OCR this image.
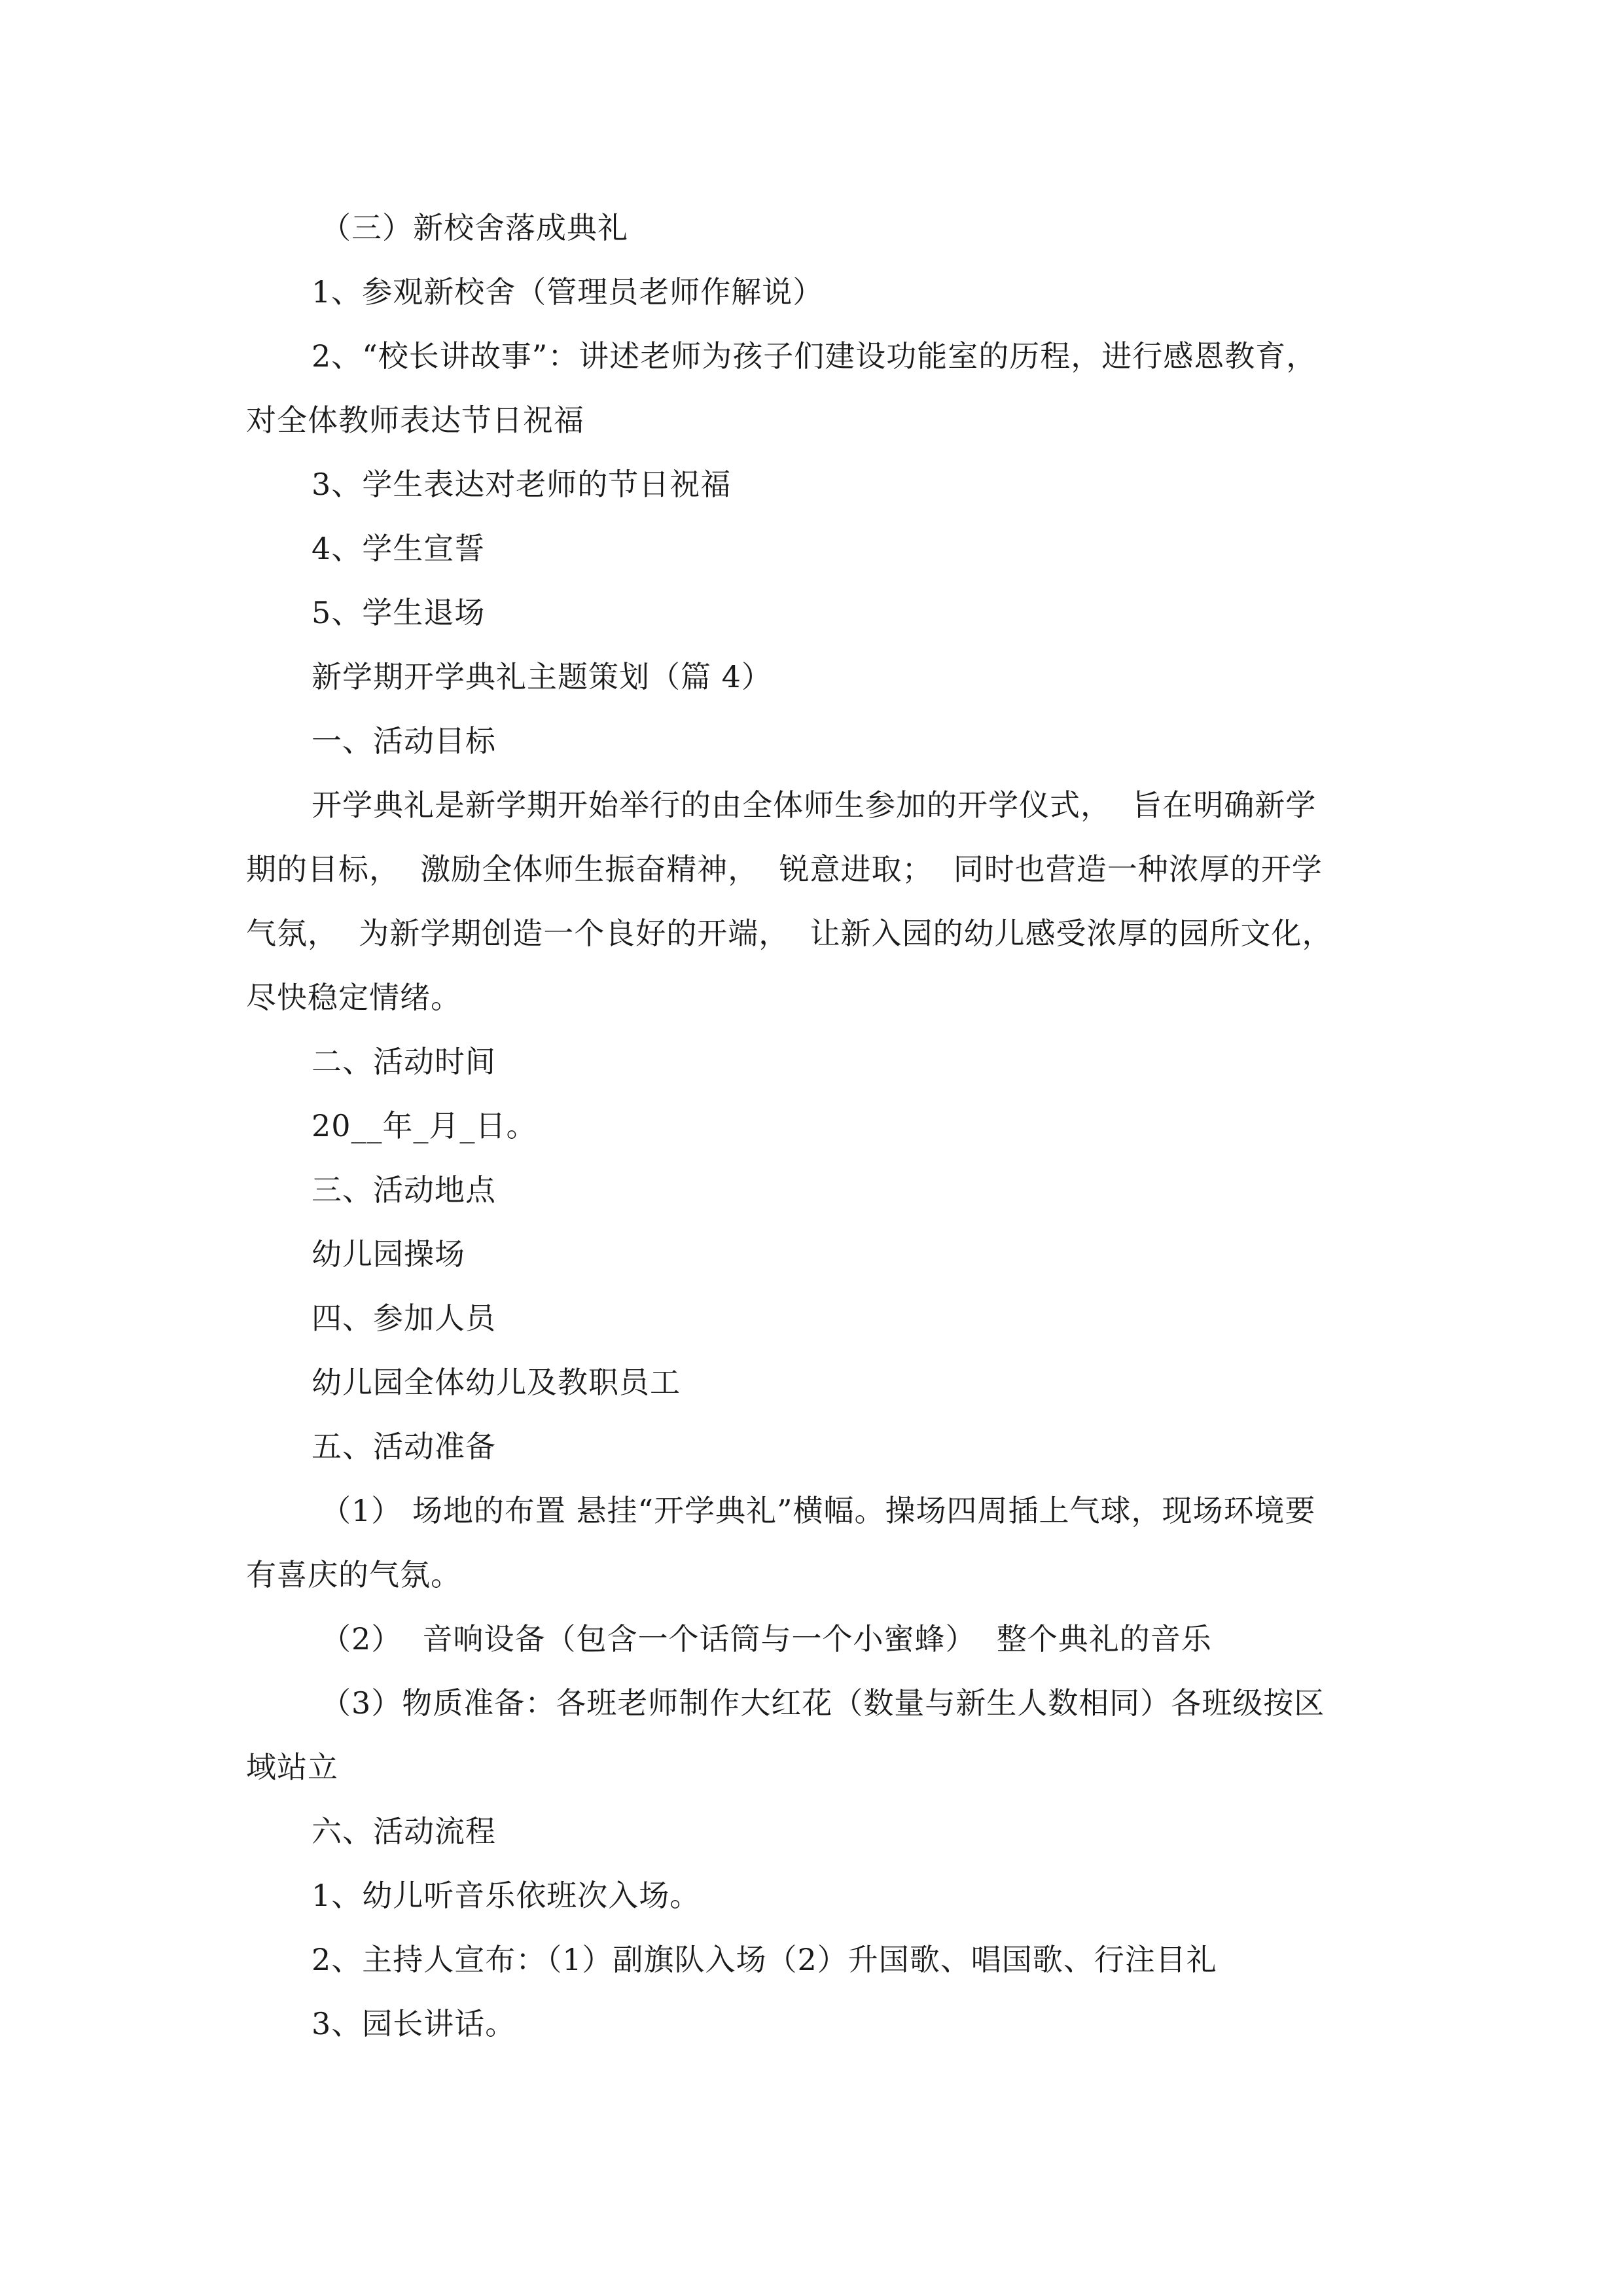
（三）新校舍落成典礼
1、参观新校舍（管理员老师作解说）
2、“校长讲故事”：讲述老师为孩子们建设功能室的历程，进行感恩教育，
对全体教师表达节日祝福
3、学生表达对老师的节日祝福
4、学生宣誓
5、学生退场
新学期开学典礼主题策划（篇 4）
一、活动目标
开学典礼是新学期开始举行的由全体师生参加的开学仪式，  旨在明确新学
期的目标，  激励全体师生振奋精神，  锐意进取；  同时也营造一种浓厚的开学
气氛，  为新学期创造一个良好的开端，  让新入园的幼儿感受浓厚的园所文化，
尽快稳定情绪。
二、活动时间
20__年_月_日。
三、活动地点
幼儿园操场
四、参加人员
幼儿园全体幼儿及教职员工
五、活动准备
（1） 场地的布置 悬挂“开学典礼”横幅。操场四周插上气球，现场环境要
有喜庆的气氛。
（2）  音响设备（包含一个话筒与一个小蜜蜂）  整个典礼的音乐
（3）物质准备：各班老师制作大红花（数量与新生人数相同）各班级按区
域站立
六、活动流程
1、幼儿听音乐依班次入场。
2、主持人宣布：（1）副旗队入场（2）升国歌、唱国歌、行注目礼
3、园长讲话。
